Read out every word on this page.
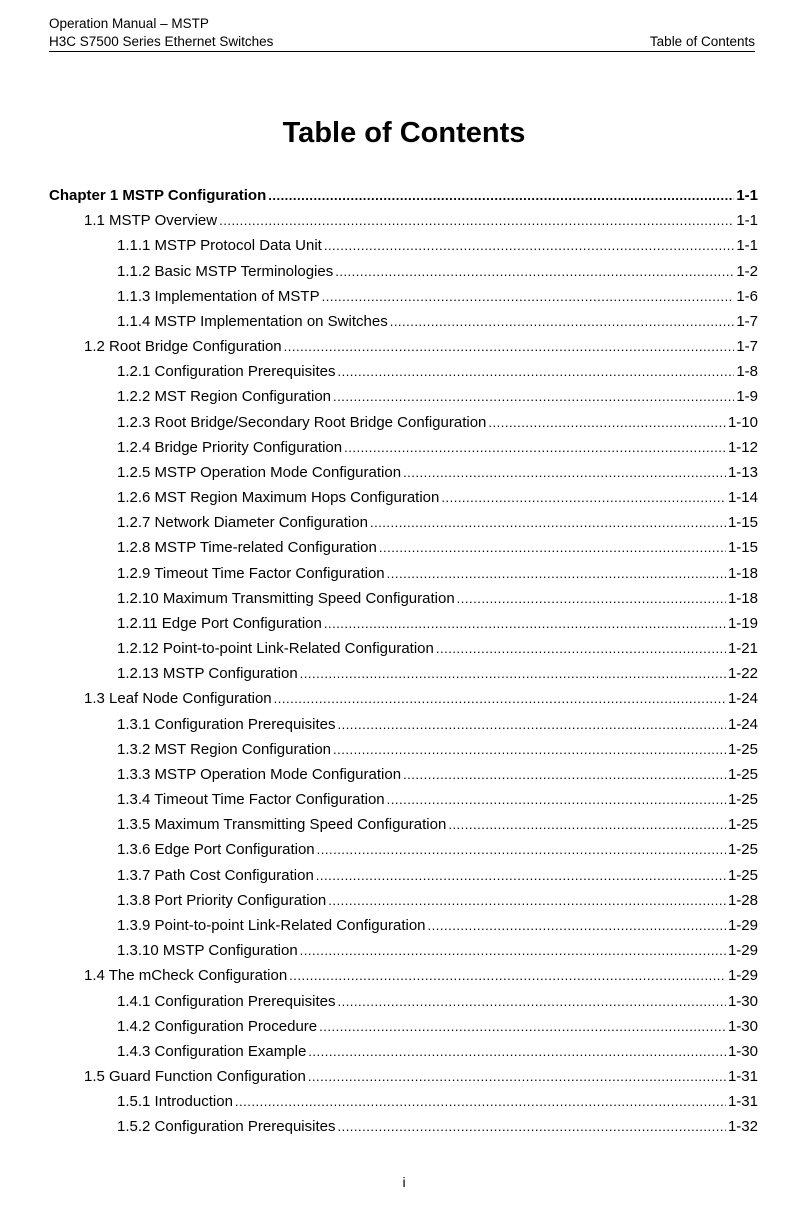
Operation Manual – MSTP
H3C S7500 Series Ethernet Switches	Table of Contents
Table of Contents
Chapter 1 MSTP Configuration .....	1-1
1.1 MSTP Overview .....	1-1
1.1.1 MSTP Protocol Data Unit .....	1-1
1.1.2 Basic MSTP Terminologies .....	1-2
1.1.3 Implementation of MSTP .....	1-6
1.1.4 MSTP Implementation on Switches .....	1-7
1.2 Root Bridge Configuration .....	1-7
1.2.1 Configuration Prerequisites .....	1-8
1.2.2 MST Region Configuration .....	1-9
1.2.3 Root Bridge/Secondary Root Bridge Configuration .....	1-10
1.2.4 Bridge Priority Configuration .....	1-12
1.2.5 MSTP Operation Mode Configuration .....	1-13
1.2.6 MST Region Maximum Hops Configuration .....	1-14
1.2.7 Network Diameter Configuration .....	1-15
1.2.8 MSTP Time-related Configuration .....	1-15
1.2.9 Timeout Time Factor Configuration .....	1-18
1.2.10 Maximum Transmitting Speed Configuration .....	1-18
1.2.11 Edge Port Configuration .....	1-19
1.2.12 Point-to-point Link-Related Configuration .....	1-21
1.2.13 MSTP Configuration .....	1-22
1.3 Leaf Node Configuration .....	1-24
1.3.1 Configuration Prerequisites .....	1-24
1.3.2 MST Region Configuration .....	1-25
1.3.3 MSTP Operation Mode Configuration .....	1-25
1.3.4 Timeout Time Factor Configuration .....	1-25
1.3.5 Maximum Transmitting Speed Configuration .....	1-25
1.3.6 Edge Port Configuration .....	1-25
1.3.7 Path Cost Configuration .....	1-25
1.3.8 Port Priority Configuration .....	1-28
1.3.9 Point-to-point Link-Related Configuration .....	1-29
1.3.10 MSTP Configuration .....	1-29
1.4 The mCheck Configuration .....	1-29
1.4.1 Configuration Prerequisites .....	1-30
1.4.2 Configuration Procedure .....	1-30
1.4.3 Configuration Example .....	1-30
1.5 Guard Function Configuration .....	1-31
1.5.1 Introduction .....	1-31
1.5.2 Configuration Prerequisites .....	1-32
i
